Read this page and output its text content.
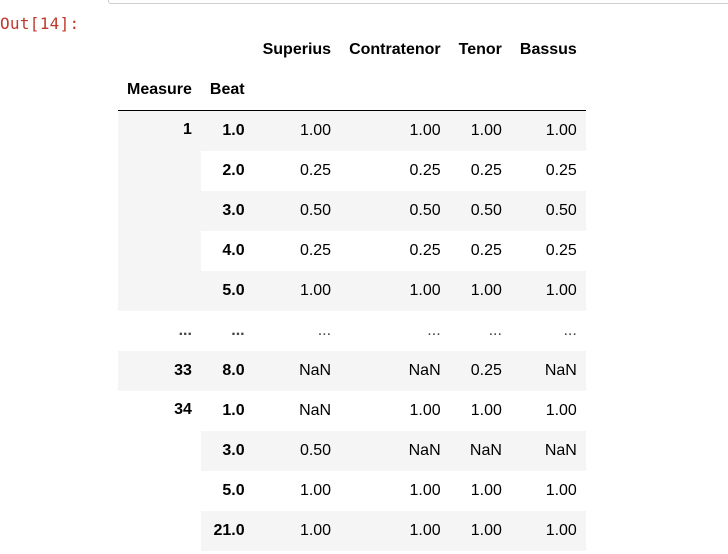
Out[14]:
		Superius	Contratenor	Tenor	Bassus
Measure	Beat				
1	1.0	1.00	1.00	1.00	1.00
	2.0	0.25	0.25	0.25	0.25
	3.0	0.50	0.50	0.50	0.50
	4.0	0.25	0.25	0.25	0.25
	5.0	1.00	1.00	1.00	1.00
...	...	...	...	...	...
33	8.0	NaN	NaN	0.25	NaN
34	1.0	NaN	1.00	1.00	1.00
	3.0	0.50	NaN	NaN	NaN
	5.0	1.00	1.00	1.00	1.00
	21.0	1.00	1.00	1.00	1.00
